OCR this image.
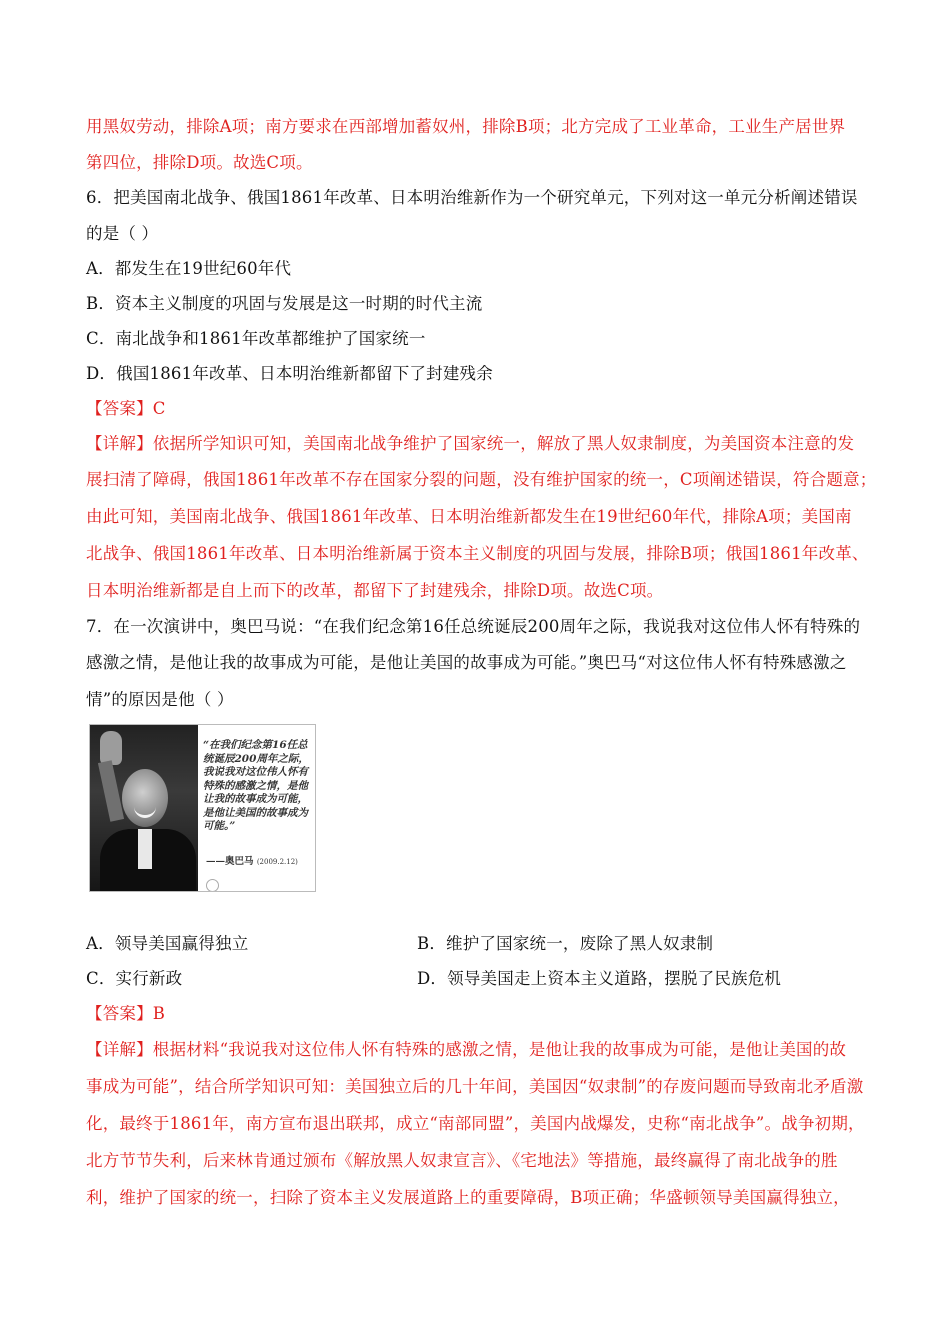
用黑奴劳动，排除A项；南方要求在西部增加蓄奴州，排除B项；北方完成了工业革命，工业生产居世界
第四位，排除D项。故选C项。
6．把美国南北战争、俄国1861年改革、日本明治维新作为一个研究单元，下列对这一单元分析阐述错误
的是（ ）
A．都发生在19世纪60年代
B．资本主义制度的巩固与发展是这一时期的时代主流
C．南北战争和1861年改革都维护了国家统一
D．俄国1861年改革、日本明治维新都留下了封建残余
【答案】C
【详解】依据所学知识可知，美国南北战争维护了国家统一，解放了黑人奴隶制度，为美国资本注意的发
展扫清了障碍，俄国1861年改革不存在国家分裂的问题，没有维护国家的统一，C项阐述错误，符合题意；
由此可知，美国南北战争、俄国1861年改革、日本明治维新都发生在19世纪60年代，排除A项；美国南
北战争、俄国1861年改革、日本明治维新属于资本主义制度的巩固与发展，排除B项；俄国1861年改革、
日本明治维新都是自上而下的改革，都留下了封建残余，排除D项。故选C项。
7．在一次演讲中，奥巴马说：“在我们纪念第16任总统诞辰200周年之际，我说我对这位伟人怀有特殊的
感激之情，是他让我的故事成为可能，是他让美国的故事成为可能。”奥巴马“对这位伟人怀有特殊感激之
情”的原因是他（ ）
“在我们纪念第16任总统诞辰200周年之际，我说我对这位伟人怀有特殊的感激之情，是他让我的故事成为可能，是他让美国的故事成为可能。”
——奥巴马 (2009.2.12)
A．领导美国赢得独立	B．维护了国家统一，废除了黑人奴隶制
C．实行新政	D．领导美国走上资本主义道路，摆脱了民族危机
【答案】B
【详解】根据材料“我说我对这位伟人怀有特殊的感激之情，是他让我的故事成为可能，是他让美国的故
事成为可能”，结合所学知识可知：美国独立后的几十年间，美国因“奴隶制”的存废问题而导致南北矛盾激
化，最终于1861年，南方宣布退出联邦，成立“南部同盟”，美国内战爆发，史称“南北战争”。战争初期，
北方节节失利，后来林肯通过颁布《解放黑人奴隶宣言》、《宅地法》等措施，最终赢得了南北战争的胜
利，维护了国家的统一，扫除了资本主义发展道路上的重要障碍，B项正确；华盛顿领导美国赢得独立，
